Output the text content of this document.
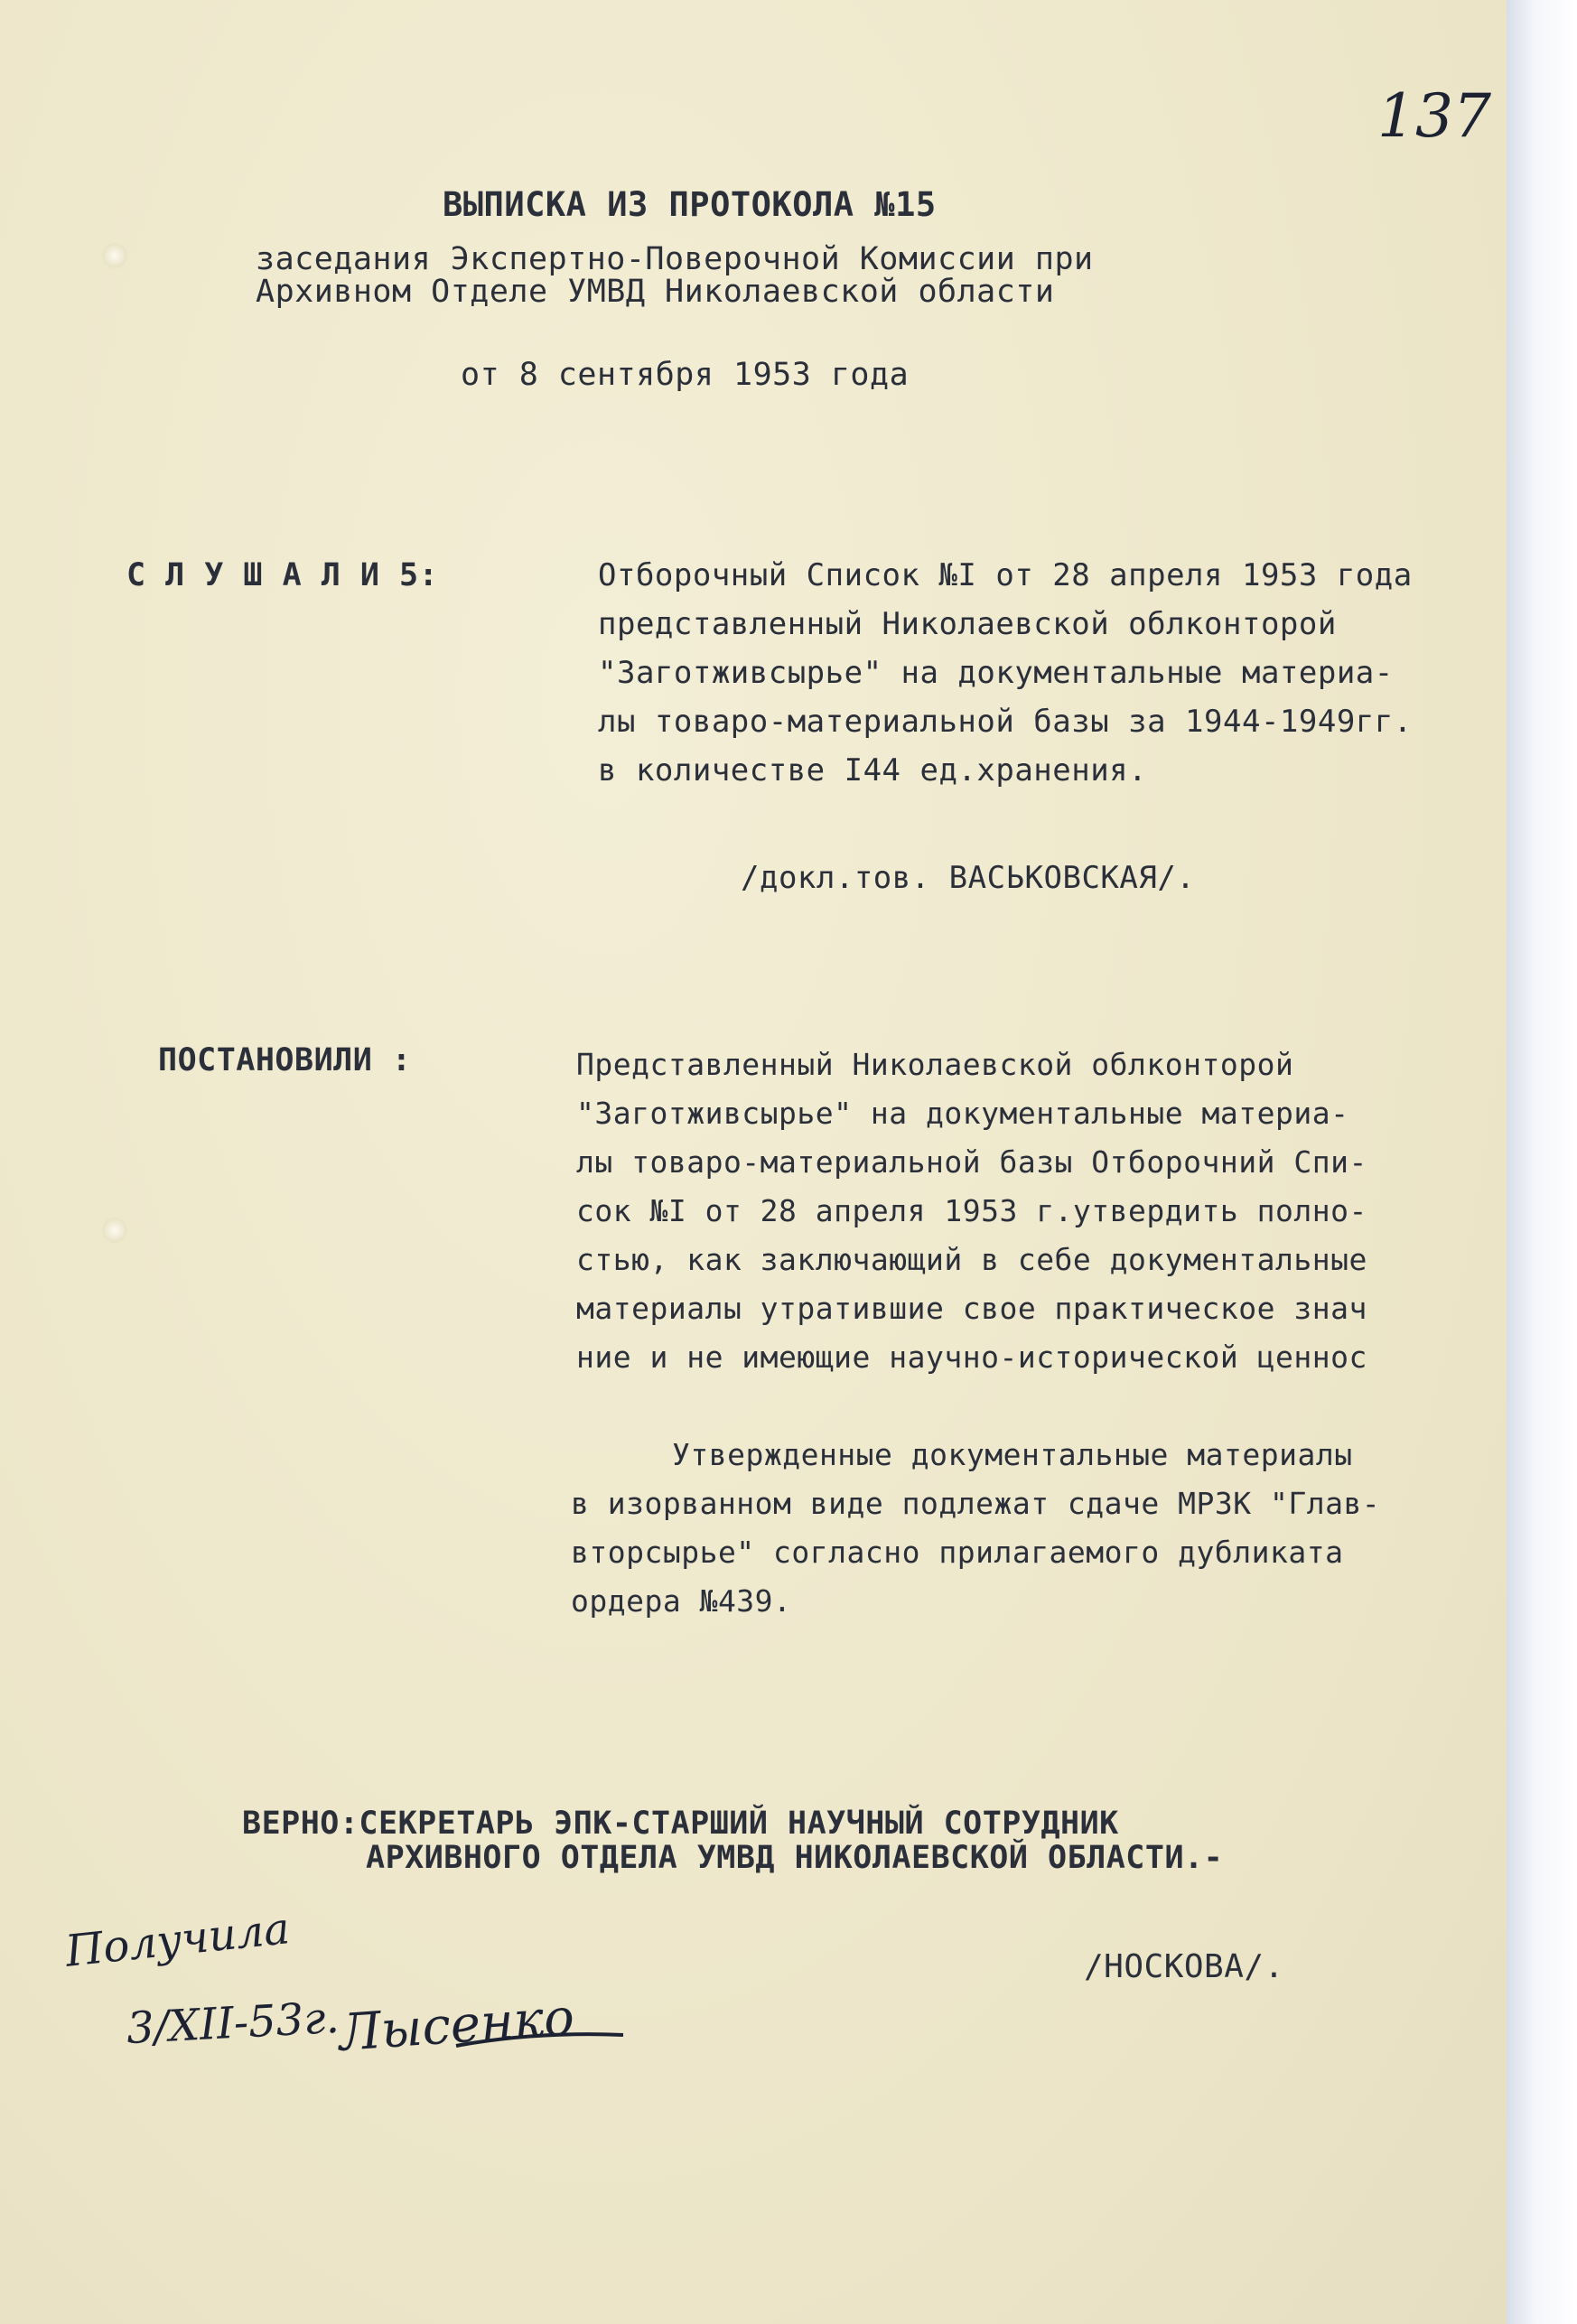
137

ВЫПИСКА ИЗ ПРОТОКОЛА №15

заседания Экспертно-Поверочной Комиссии при

Архивном Отделе УМВД Николаевской области

от 8 сентября 1953 года

С Л У Ш А Л И 5:	Отборочный Список №I от 28 апреля 1953 года
представленный Николаевской облконторой
"Заготживсырье" на документальные материа-
лы товаро-материальной базы за 1944-1949гг.
в количестве I44 ед.хранения.

/докл.тов. ВАСЬКОВСКАЯ/.

ПОСТАНОВИЛИ :	Представленный Николаевской облконторой
"Заготживсырье" на документальные материа-
лы товаро-материальной базы Отборочний Спи-
сок №I от 28 апреля 1953 г.утвердить полно-
стью, как заключающий в себе документальные
материалы утратившие свое практическое знач
ние и не имеющие научно-исторической ценнос
Утвержденные документальные материалы
в изорванном виде подлежат сдаче МРЗК "Глав-
вторсырье" согласно прилагаемого дубликата
ордера №439.

ВЕРНО:СЕКРЕТАРЬ ЭПК-СТАРШИЙ НАУЧНЫЙ СОТРУДНИК

АРХИВНОГО ОТДЕЛА УМВД НИКОЛАЕВСКОЙ ОБЛАСТИ.-

/НОСКОВА/.

Получила

3/XII-53г.

Лысенко
